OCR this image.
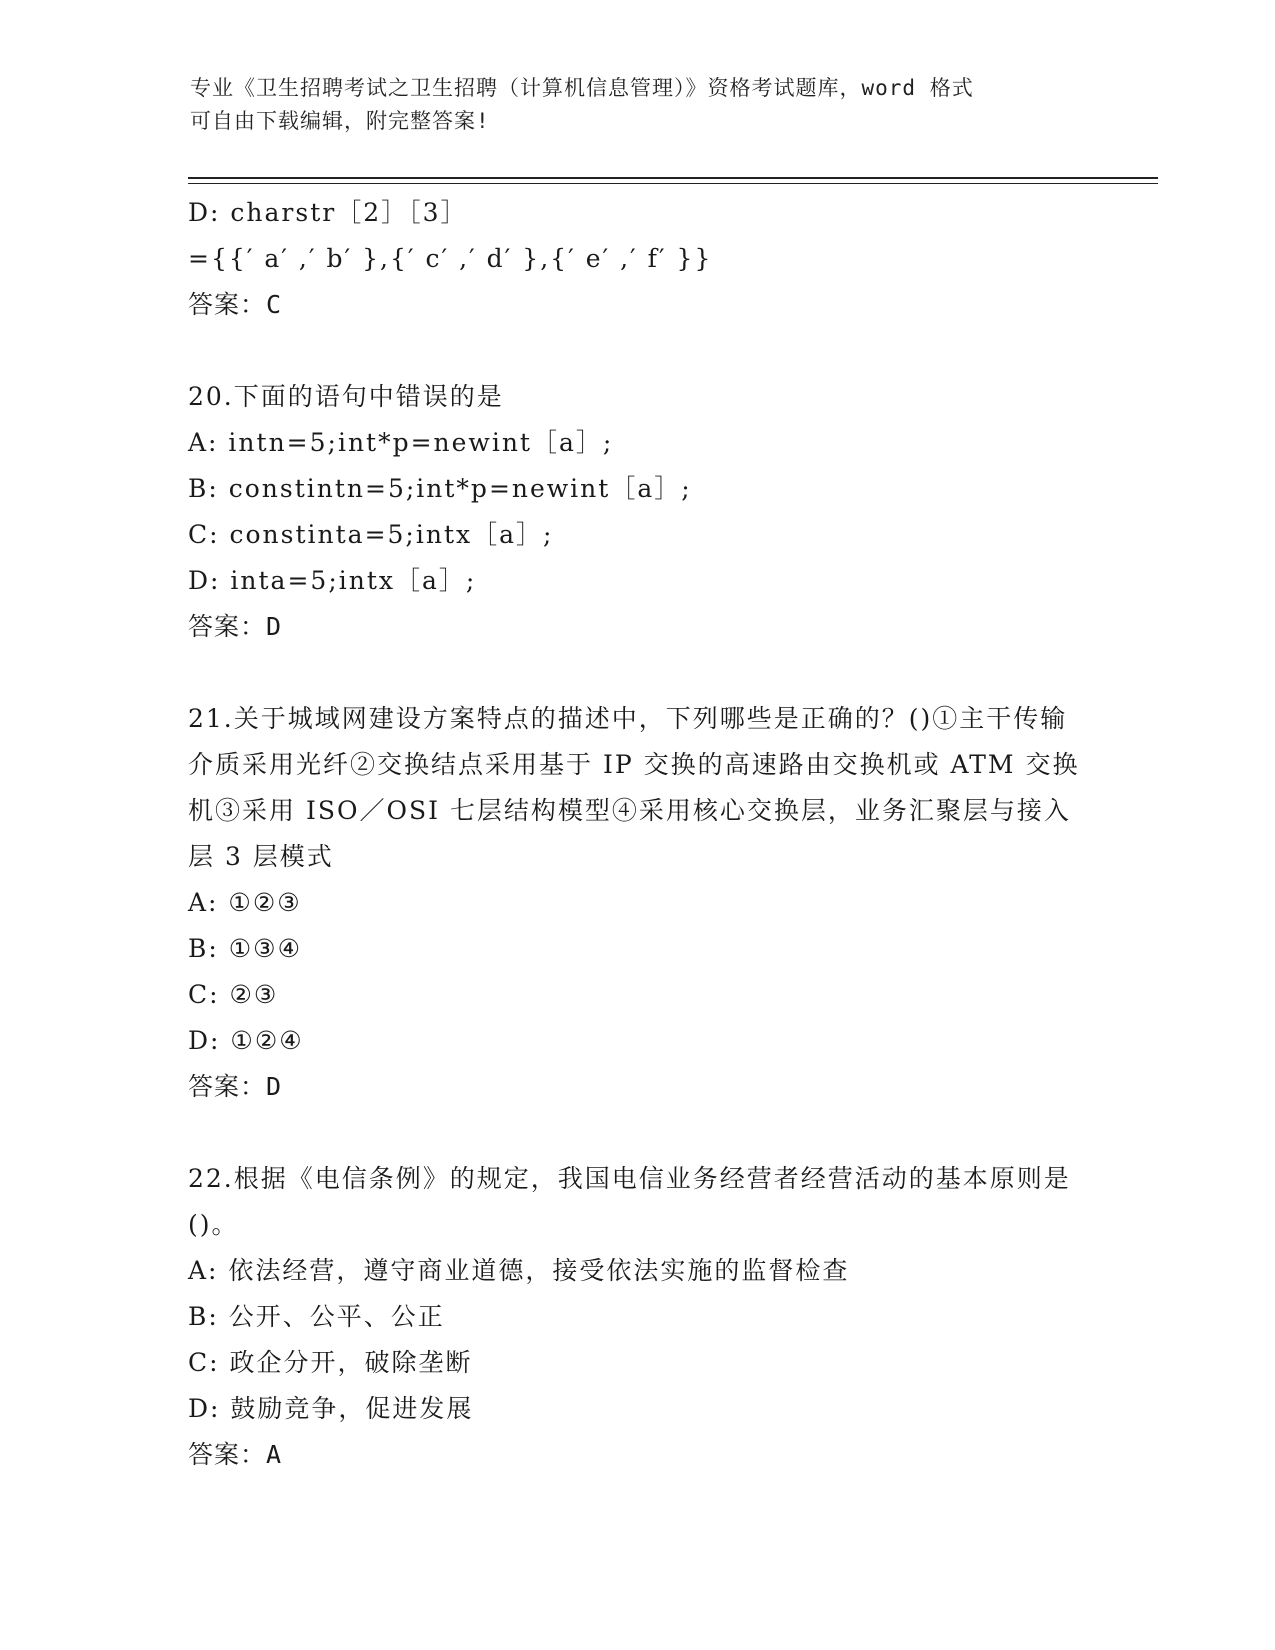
专业《卫生招聘考试之卫生招聘（计算机信息管理）》资格考试题库，word 格式
可自由下载编辑，附完整答案!
D: charstr［2］［3］
={{′ a′ ,′ b′ },{′ c′ ,′ d′ },{′ e′ ,′ f′ }}
答案：C
20.下面的语句中错误的是
A: intn=5;int*p=newint［a］;
B: constintn=5;int*p=newint［a］;
C: constinta=5;intx［a］;
D: inta=5;intx［a］;
答案：D
21.关于城域网建设方案特点的描述中，下列哪些是正确的？()①主干传输介质采用光纤②交换结点采用基于 IP 交换的高速路由交换机或 ATM 交换机③采用 ISO／OSI 七层结构模型④采用核心交换层，业务汇聚层与接入层 3 层模式
A: ①②③
B: ①③④
C: ②③
D: ①②④
答案：D
22.根据《电信条例》的规定，我国电信业务经营者经营活动的基本原则是()。
A: 依法经营，遵守商业道德，接受依法实施的监督检查
B: 公开、公平、公正
C: 政企分开，破除垄断
D: 鼓励竞争，促进发展
答案：A
